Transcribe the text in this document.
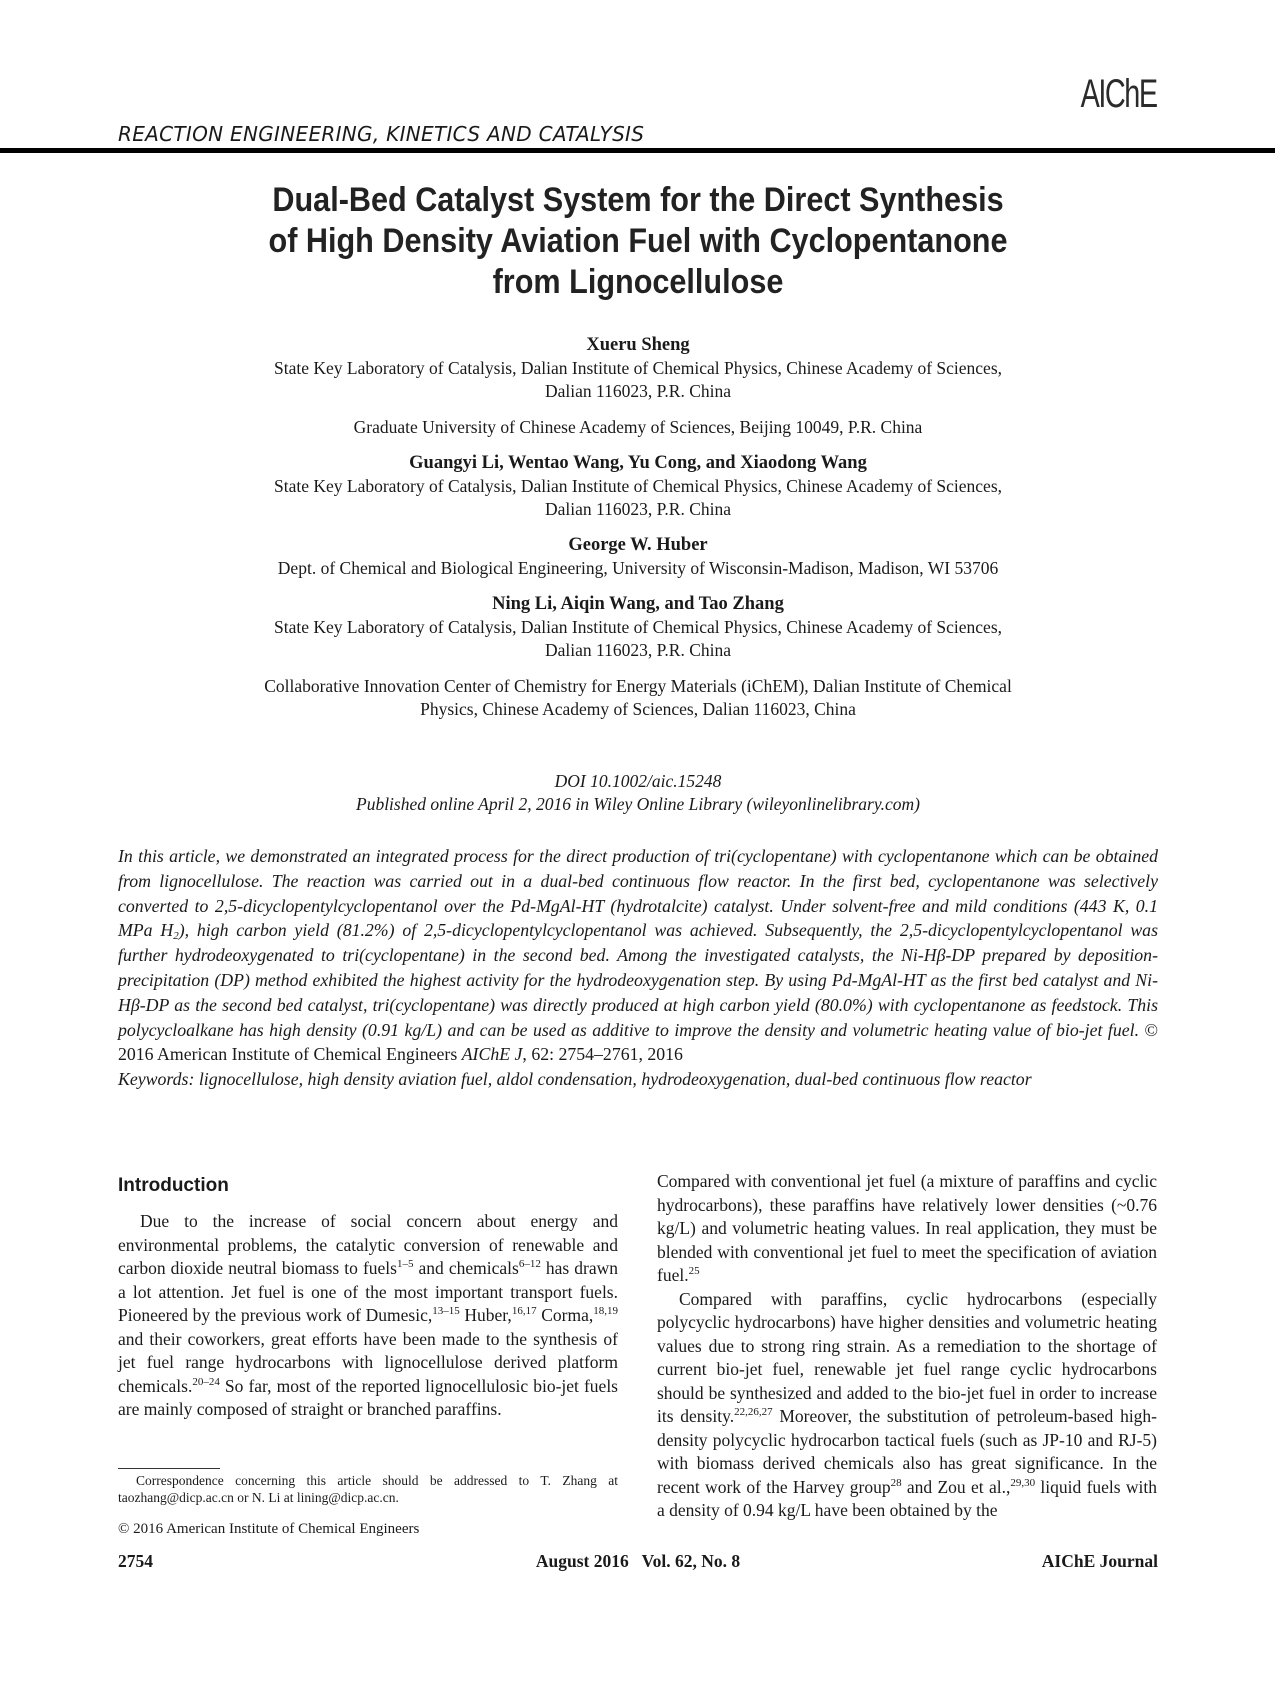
AIChE
REACTION ENGINEERING, KINETICS AND CATALYSIS
Dual-Bed Catalyst System for the Direct Synthesis
of High Density Aviation Fuel with Cyclopentanone
from Lignocellulose
Xueru Sheng
State Key Laboratory of Catalysis, Dalian Institute of Chemical Physics, Chinese Academy of Sciences,
Dalian 116023, P.R. China
Graduate University of Chinese Academy of Sciences, Beijing 10049, P.R. China
Guangyi Li, Wentao Wang, Yu Cong, and Xiaodong Wang
State Key Laboratory of Catalysis, Dalian Institute of Chemical Physics, Chinese Academy of Sciences,
Dalian 116023, P.R. China
George W. Huber
Dept. of Chemical and Biological Engineering, University of Wisconsin-Madison, Madison, WI 53706
Ning Li, Aiqin Wang, and Tao Zhang
State Key Laboratory of Catalysis, Dalian Institute of Chemical Physics, Chinese Academy of Sciences,
Dalian 116023, P.R. China
Collaborative Innovation Center of Chemistry for Energy Materials (iChEM), Dalian Institute of Chemical
Physics, Chinese Academy of Sciences, Dalian 116023, China
DOI 10.1002/aic.15248
Published online April 2, 2016 in Wiley Online Library (wileyonlinelibrary.com)
In this article, we demonstrated an integrated process for the direct production of tri(cyclopentane) with cyclopentanone which can be obtained from lignocellulose. The reaction was carried out in a dual-bed continuous flow reactor. In the first bed, cyclopentanone was selectively converted to 2,5-dicyclopentylcyclopentanol over the Pd-MgAl-HT (hydrotalcite) catalyst. Under solvent-free and mild conditions (443 K, 0.1 MPa $H_2$), high carbon yield (81.2%) of 2,5-dicyclopentylcyclopentanol was achieved. Subsequently, the 2,5-dicyclopentylcyclopentanol was further hydrodeoxygenated to tri(cyclopentane) in the second bed. Among the investigated catalysts, the Ni-Hβ-DP prepared by deposition-precipitation (DP) method exhibited the highest activity for the hydrodeoxygenation step. By using Pd-MgAl-HT as the first bed catalyst and Ni-Hβ-DP as the second bed catalyst, tri(cyclopentane) was directly produced at high carbon yield (80.0%) with cyclopentanone as feedstock. This polycycloalkane has high density (0.91 kg/L) and can be used as additive to improve the density and volumetric heating value of bio-jet fuel. © 2016 American Institute of Chemical Engineers AIChE J, 62: 2754–2761, 2016
Keywords: lignocellulose, high density aviation fuel, aldol condensation, hydrodeoxygenation, dual-bed continuous flow reactor
Introduction

Due to the increase of social concern about energy and environmental problems, the catalytic conversion of renewable and carbon dioxide neutral biomass to fuels$^{1-5}$ and chemicals$^{6-12}$ has drawn a lot attention. Jet fuel is one of the most important transport fuels. Pioneered by the previous work of Dumesic,$^{13-15}$ Huber,$^{16,17}$ Corma,$^{18,19}$ and their coworkers, great efforts have been made to the synthesis of jet fuel range hydrocarbons with lignocellulose derived platform chemicals.$^{20-24}$ So far, most of the reported lignocellulosic bio-jet fuels are mainly composed of straight or branched paraffins.

Compared with conventional jet fuel (a mixture of paraffins and cyclic hydrocarbons), these paraffins have relatively lower densities (~0.76 kg/L) and volumetric heating values. In real application, they must be blended with conventional jet fuel to meet the specification of aviation fuel.$^{25}$

Compared with paraffins, cyclic hydrocarbons (especially polycyclic hydrocarbons) have higher densities and volumetric heating values due to strong ring strain. As a remediation to the shortage of current bio-jet fuel, renewable jet fuel range cyclic hydrocarbons should be synthesized and added to the bio-jet fuel in order to increase its density.$^{22,26,27}$ Moreover, the substitution of petroleum-based high-density polycyclic hydrocarbon tactical fuels (such as JP-10 and RJ-5) with biomass derived chemicals also has great significance. In the recent work of the Harvey group$^{28}$ and Zou et al.,$^{29,30}$ liquid fuels with a density of 0.94 kg/L have been obtained by the

Correspondence concerning this article should be addressed to T. Zhang at taozhang@dicp.ac.cn or N. Li at lining@dicp.ac.cn.
© 2016 American Institute of Chemical Engineers
2754	August 2016   Vol. 62, No. 8	AIChE Journal
